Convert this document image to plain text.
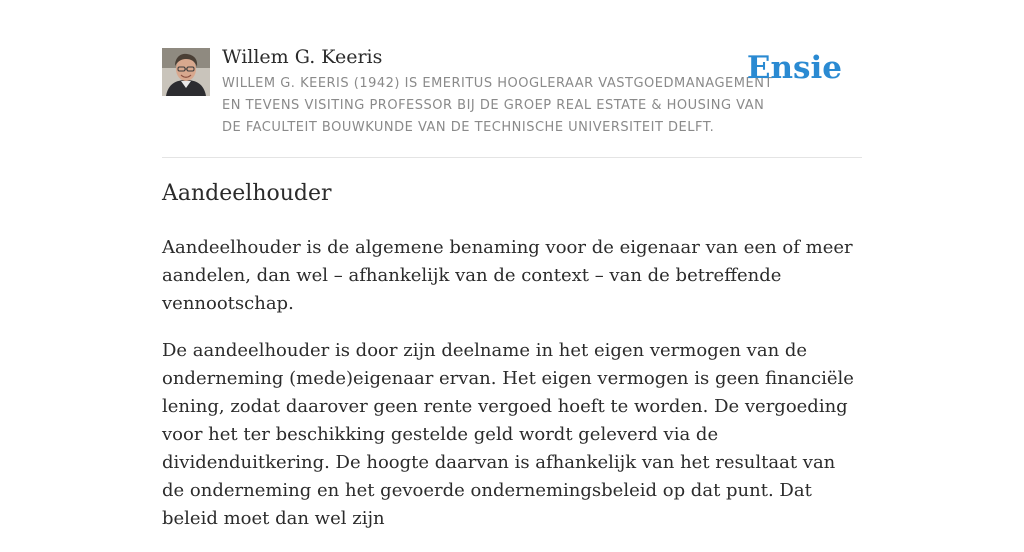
Willem G. Keeris
WILLEM G. KEERIS (1942) IS EMERITUS HOOGLERAAR VASTGOEDMANAGEMENT EN TEVENS VISITING PROFESSOR BIJ DE GROEP REAL ESTATE & HOUSING VAN DE FACULTEIT BOUWKUNDE VAN DE TECHNISCHE UNIVERSITEIT DELFT.
Ensie
Aandeelhouder

Aandeelhouder is de algemene benaming voor de eigenaar van een of meer aandelen, dan wel – afhankelijk van de context – van de betreffende vennootschap.

De aandeelhouder is door zijn deelname in het eigen vermogen van de onderneming (mede)eigenaar ervan. Het eigen vermogen is geen financiële lening, zodat daarover geen rente vergoed hoeft te worden. De vergoeding voor het ter beschikking gestelde geld wordt geleverd via de dividenduitkering. De hoogte daarvan is afhankelijk van het resultaat van de onderneming en het gevoerde ondernemingsbeleid op dat punt. Dat beleid moet dan wel zijn
